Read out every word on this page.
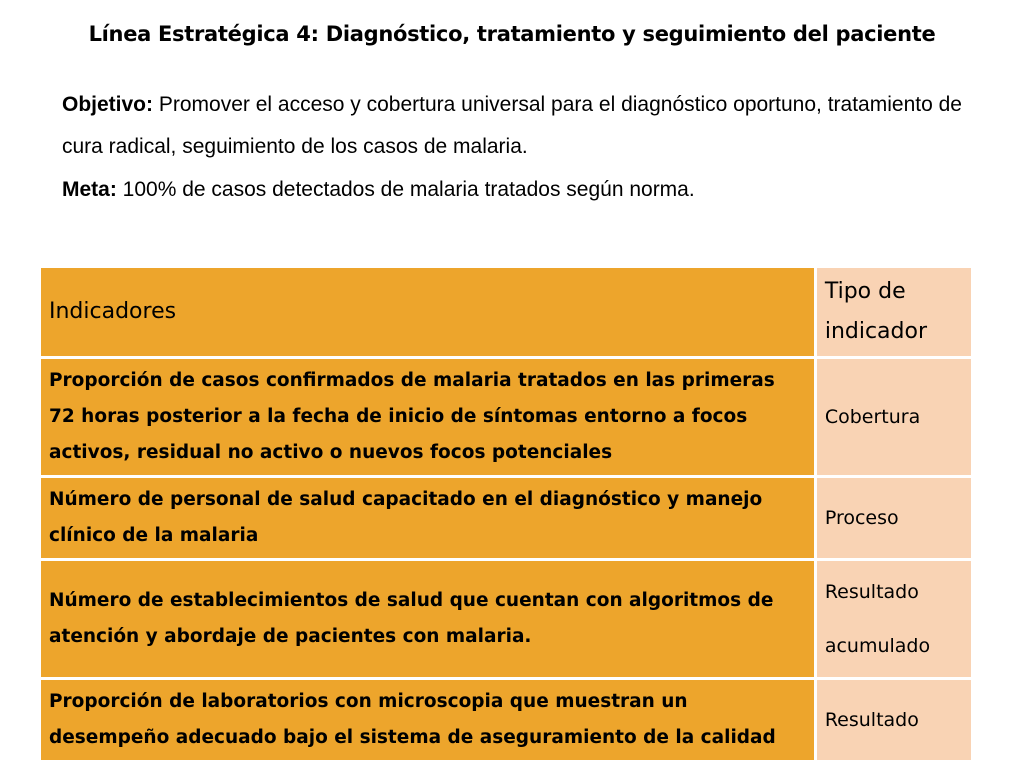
Línea Estratégica 4: Diagnóstico, tratamiento y seguimiento del paciente

Objetivo: Promover el acceso y cobertura universal para el diagnóstico oportuno, tratamiento de cura radical, seguimiento de los casos de malaria.

Meta: 100% de casos detectados de malaria tratados según norma.

Indicadores	Tipo de indicador
Proporción de casos confirmados de malaria tratados en las primeras 72 horas posterior a la fecha de inicio de síntomas entorno a focos activos, residual no activo o nuevos focos potenciales	Cobertura
Número de personal de salud capacitado en el diagnóstico y manejo clínico de la malaria	Proceso
Número de establecimientos de salud que cuentan con algoritmos de atención y abordaje de pacientes con malaria.	Resultado acumulado
Proporción de laboratorios con microscopia que muestran un desempeño adecuado bajo el sistema de aseguramiento de la calidad	Resultado
